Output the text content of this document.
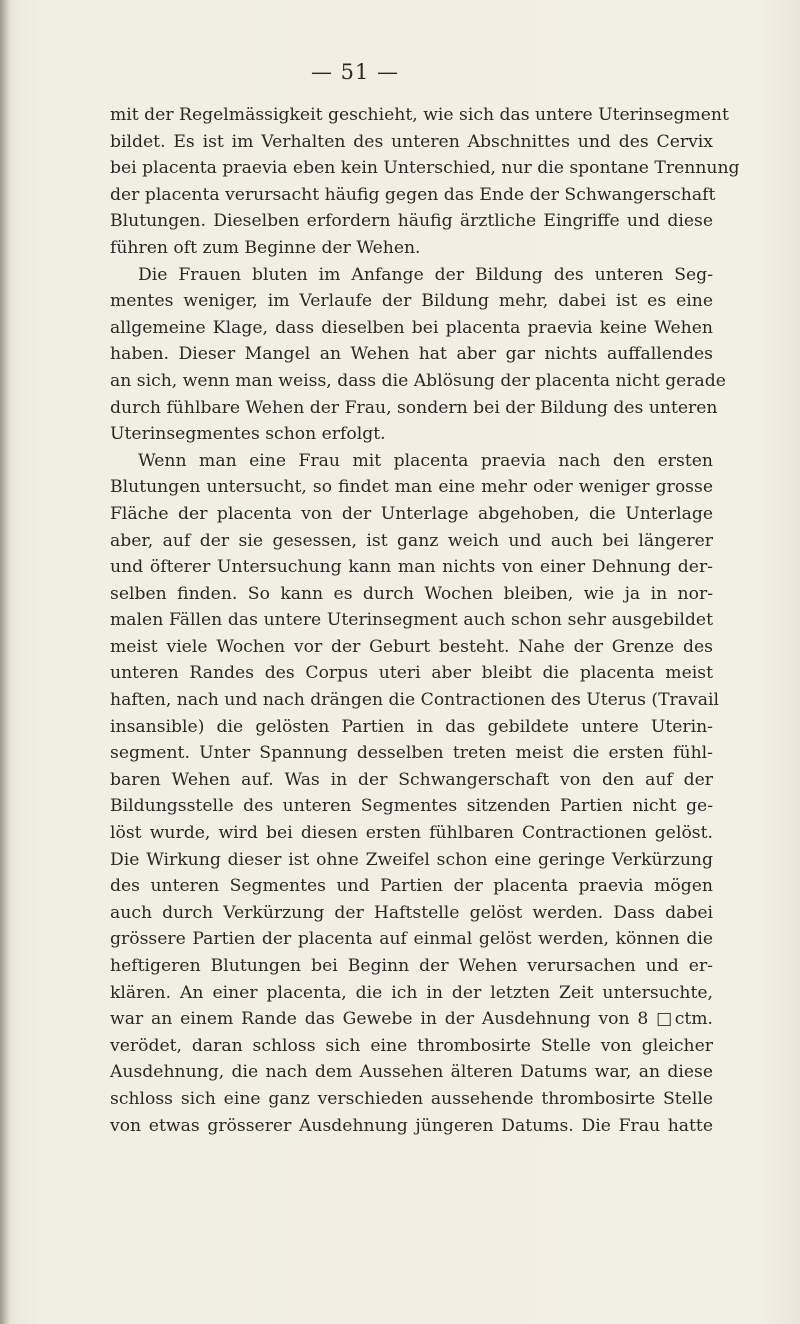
— 51 —
mit der Regelmässigkeit geschieht, wie sich das untere Uterinsegment
bildet. Es ist im Verhalten des unteren Abschnittes und des Cervix
bei placenta praevia eben kein Unterschied, nur die spontane Trennung
der placenta verursacht häufig gegen das Ende der Schwangerschaft
Blutungen. Dieselben erfordern häufig ärztliche Eingriffe und diese
führen oft zum Beginne der Wehen.
Die Frauen bluten im Anfange der Bildung des unteren Seg-
mentes weniger, im Verlaufe der Bildung mehr, dabei ist es eine
allgemeine Klage, dass dieselben bei placenta praevia keine Wehen
haben. Dieser Mangel an Wehen hat aber gar nichts auffallendes
an sich, wenn man weiss, dass die Ablösung der placenta nicht gerade
durch fühlbare Wehen der Frau, sondern bei der Bildung des unteren
Uterinsegmentes schon erfolgt.
Wenn man eine Frau mit placenta praevia nach den ersten
Blutungen untersucht, so findet man eine mehr oder weniger grosse
Fläche der placenta von der Unterlage abgehoben, die Unterlage
aber, auf der sie gesessen, ist ganz weich und auch bei längerer
und öfterer Untersuchung kann man nichts von einer Dehnung der-
selben finden. So kann es durch Wochen bleiben, wie ja in nor-
malen Fällen das untere Uterinsegment auch schon sehr ausgebildet
meist viele Wochen vor der Geburt besteht. Nahe der Grenze des
unteren Randes des Corpus uteri aber bleibt die placenta meist
haften, nach und nach drängen die Contractionen des Uterus (Travail
insansible) die gelösten Partien in das gebildete untere Uterin-
segment. Unter Spannung desselben treten meist die ersten fühl-
baren Wehen auf. Was in der Schwangerschaft von den auf der
Bildungsstelle des unteren Segmentes sitzenden Partien nicht ge-
löst wurde, wird bei diesen ersten fühlbaren Contractionen gelöst.
Die Wirkung dieser ist ohne Zweifel schon eine geringe Verkürzung
des unteren Segmentes und Partien der placenta praevia mögen
auch durch Verkürzung der Haftstelle gelöst werden. Dass dabei
grössere Partien der placenta auf einmal gelöst werden, können die
heftigeren Blutungen bei Beginn der Wehen verursachen und er-
klären. An einer placenta, die ich in der letzten Zeit untersuchte,
war an einem Rande das Gewebe in der Ausdehnung von 8 □ctm.
verödet, daran schloss sich eine thrombosirte Stelle von gleicher
Ausdehnung, die nach dem Aussehen älteren Datums war, an diese
schloss sich eine ganz verschieden aussehende thrombosirte Stelle
von etwas grösserer Ausdehnung jüngeren Datums. Die Frau hatte
